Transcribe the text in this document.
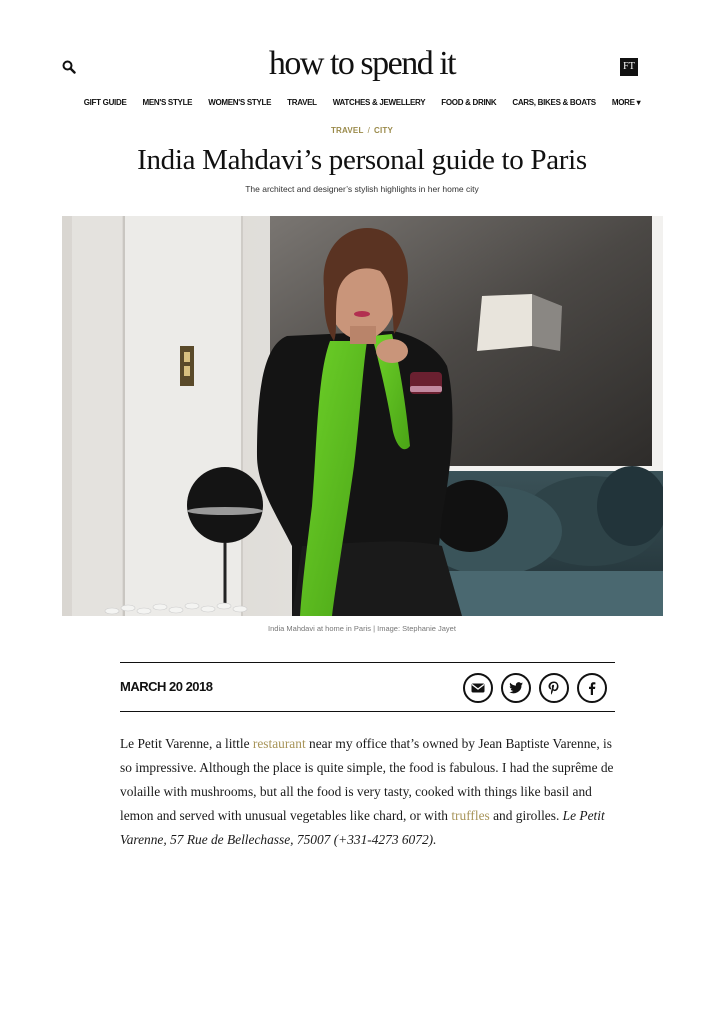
how to spend it	FT
GIFT GUIDE MEN'S STYLE WOMEN'S STYLE TRAVEL WATCHES & JEWELLERY FOOD & DRINK CARS, BIKES & BOATS MORE ▾
TRAVEL / CITY
India Mahdavi’s personal guide to Paris
The architect and designer’s stylish highlights in her home city
India Mahdavi at home in Paris | Image: Stephanie Jayet
MARCH 20 2018
Le Petit Varenne, a little restaurant near my office that’s owned by Jean Baptiste Varenne, is so impressive. Although the place is quite simple, the food is fabulous. I had the suprême de volaille with mushrooms, but all the food is very tasty, cooked with things like basil and lemon and served with unusual vegetables like chard, or with truffles and girolles. Le Petit Varenne, 57 Rue de Bellechasse, 75007 (+331-4273 6072).
